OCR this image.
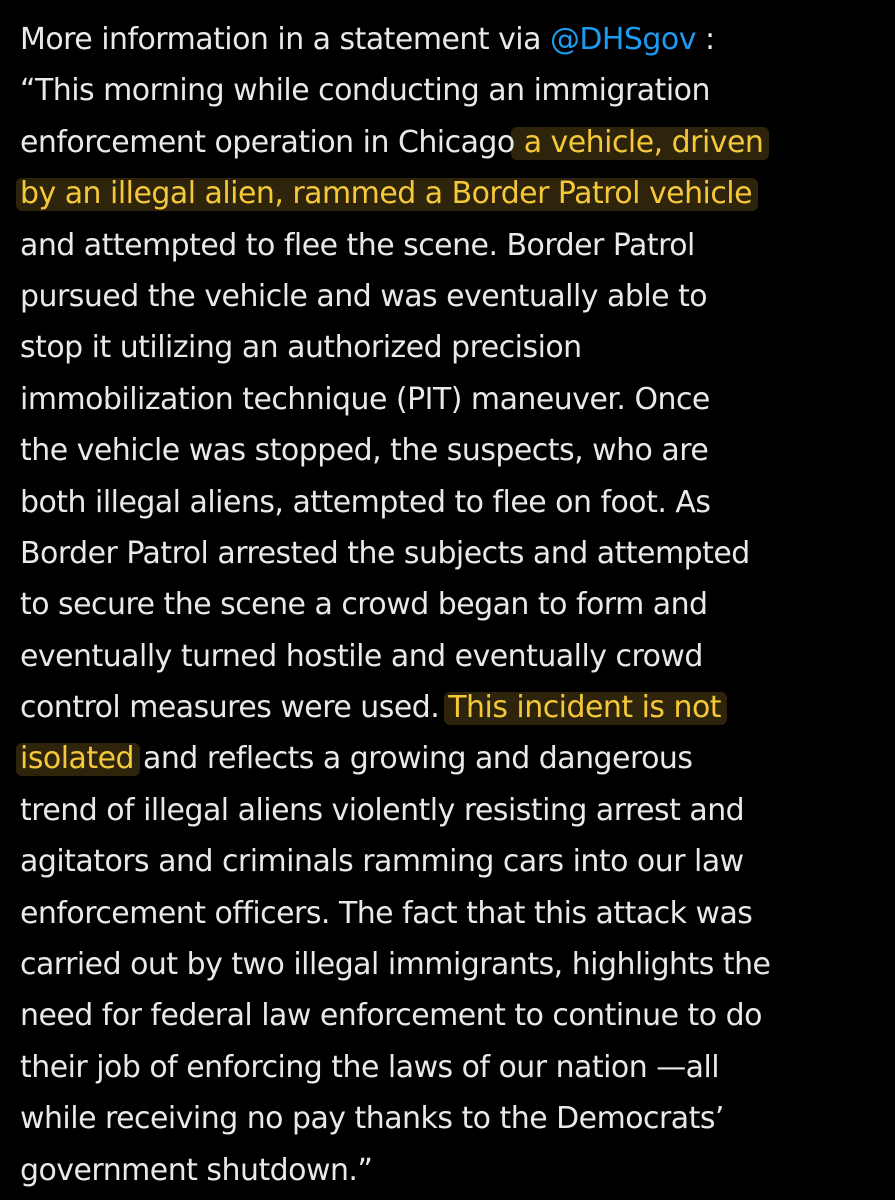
More information in a statement via @DHSgov :
“This morning while conducting an immigration
enforcement operation in Chicago a vehicle, driven
by an illegal alien, rammed a Border Patrol vehicle
and attempted to flee the scene. Border Patrol
pursued the vehicle and was eventually able to
stop it utilizing an authorized precision
immobilization technique (PIT) maneuver. Once
the vehicle was stopped, the suspects, who are
both illegal aliens, attempted to flee on foot. As
Border Patrol arrested the subjects and attempted
to secure the scene a crowd began to form and
eventually turned hostile and eventually crowd
control measures were used. This incident is not
isolated and reflects a growing and dangerous
trend of illegal aliens violently resisting arrest and
agitators and criminals ramming cars into our law
enforcement officers. The fact that this attack was
carried out by two illegal immigrants, highlights the
need for federal law enforcement to continue to do
their job of enforcing the laws of our nation —all
while receiving no pay thanks to the Democrats’
government shutdown.”
